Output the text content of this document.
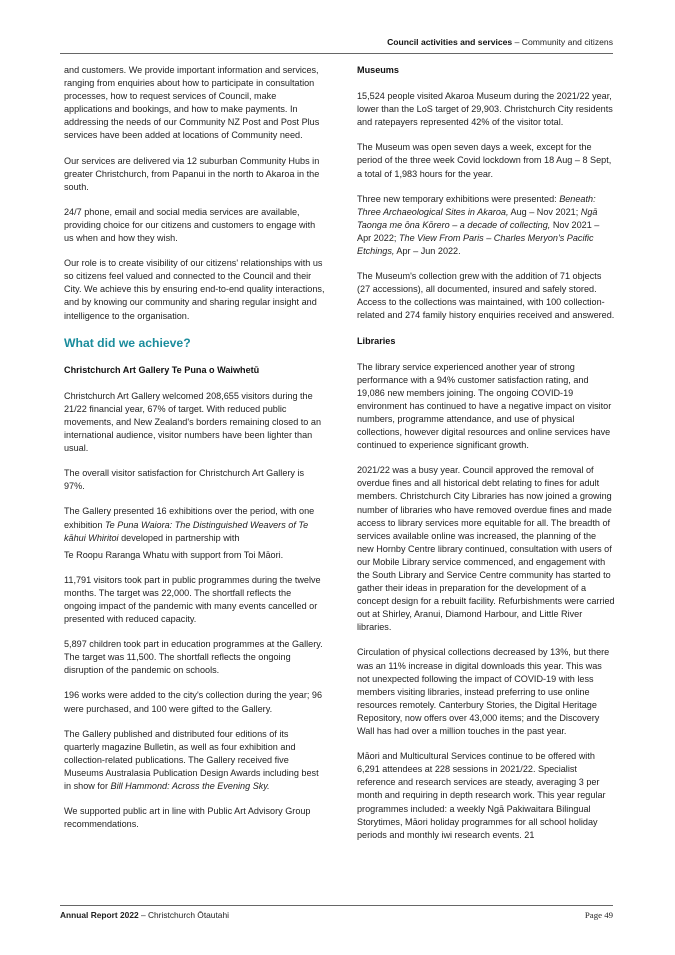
Council activities and services – Community and citizens

and customers. We provide important information and services, ranging from enquiries about how to participate in consultation processes, how to request services of Council, make applications and bookings, and how to make payments. In addressing the needs of our Community NZ Post and Post Plus services have been added at locations of Community need.

Our services are delivered via 12 suburban Community Hubs in greater Christchurch, from Papanui in the north to Akaroa in the south.

24/7 phone, email and social media services are available, providing choice for our citizens and customers to engage with us when and how they wish.

Our role is to create visibility of our citizens' relationships with us so citizens feel valued and connected to the Council and their City. We achieve this by ensuring end-to-end quality interactions, and by knowing our community and sharing regular insight and intelligence to the organisation.

What did we achieve?
Christchurch Art Gallery Te Puna o Waiwhetū

Christchurch Art Gallery welcomed 208,655 visitors during the 21/22 financial year, 67% of target. With reduced public movements, and New Zealand's borders remaining closed to an international audience, visitor numbers have been lighter than usual.

The overall visitor satisfaction for Christchurch Art Gallery is 97%.

The Gallery presented 16 exhibitions over the period, with one exhibition Te Puna Waiora: The Distinguished Weavers of Te kāhui Whiritoi developed in partnership with

Te Roopu Raranga Whatu with support from Toi Māori.

11,791 visitors took part in public programmes during the twelve months. The target was 22,000. The shortfall reflects the ongoing impact of the pandemic with many events cancelled or presented with reduced capacity.

5,897 children took part in education programmes at the Gallery. The target was 11,500. The shortfall reflects the ongoing disruption of the pandemic on schools.

196 works were added to the city's collection during the year; 96 were purchased, and 100 were gifted to the Gallery.

The Gallery published and distributed four editions of its quarterly magazine Bulletin, as well as four exhibition and collection-related publications. The Gallery received five Museums Australasia Publication Design Awards including best in show for Bill Hammond: Across the Evening Sky.

We supported public art in line with Public Art Advisory Group recommendations.

Museums

15,524 people visited Akaroa Museum during the 2021/22 year, lower than the LoS target of 29,903. Christchurch City residents and ratepayers represented 42% of the visitor total.

The Museum was open seven days a week, except for the period of the three week Covid lockdown from 18 Aug – 8 Sept, a total of 1,983 hours for the year.

Three new temporary exhibitions were presented: Beneath: Three Archaeological Sites in Akaroa, Aug – Nov 2021; Ngā Taonga me ōna Kōrero – a decade of collecting, Nov 2021 – Apr 2022; The View From Paris – Charles Meryon's Pacific Etchings, Apr – Jun 2022.

The Museum's collection grew with the addition of 71 objects (27 accessions), all documented, insured and safely stored. Access to the collections was maintained, with 100 collection-related and 274 family history enquiries received and answered.

Libraries

The library service experienced another year of strong performance with a 94% customer satisfaction rating, and 19,086 new members joining. The ongoing COVID-19 environment has continued to have a negative impact on visitor numbers, programme attendance, and use of physical collections, however digital resources and online services have continued to experience significant growth.

2021/22 was a busy year. Council approved the removal of overdue fines and all historical debt relating to fines for adult members. Christchurch City Libraries has now joined a growing number of libraries who have removed overdue fines and made access to library services more equitable for all. The breadth of services available online was increased, the planning of the new Hornby Centre library continued, consultation with users of our Mobile Library service commenced, and engagement with the South Library and Service Centre community has started to gather their ideas in preparation for the development of a concept design for a rebuilt facility. Refurbishments were carried out at Shirley, Aranui, Diamond Harbour, and Little River libraries.

Circulation of physical collections decreased by 13%, but there was an 11% increase in digital downloads this year. This was not unexpected following the impact of COVID-19 with less members visiting libraries, instead preferring to use online resources remotely. Canterbury Stories, the Digital Heritage Repository, now offers over 43,000 items; and the Discovery Wall has had over a million touches in the past year.

Māori and Multicultural Services continue to be offered with 6,291 attendees at 228 sessions in 2021/22. Specialist reference and research services are steady, averaging 3 per month and requiring in depth research work. This year regular programmes included: a weekly Ngā Pakiwaitara Bilingual Storytimes, Māori holiday programmes for all school holiday periods and monthly iwi research events. 21

Annual Report 2022 – Christchurch Ōtautahi	Page 49
